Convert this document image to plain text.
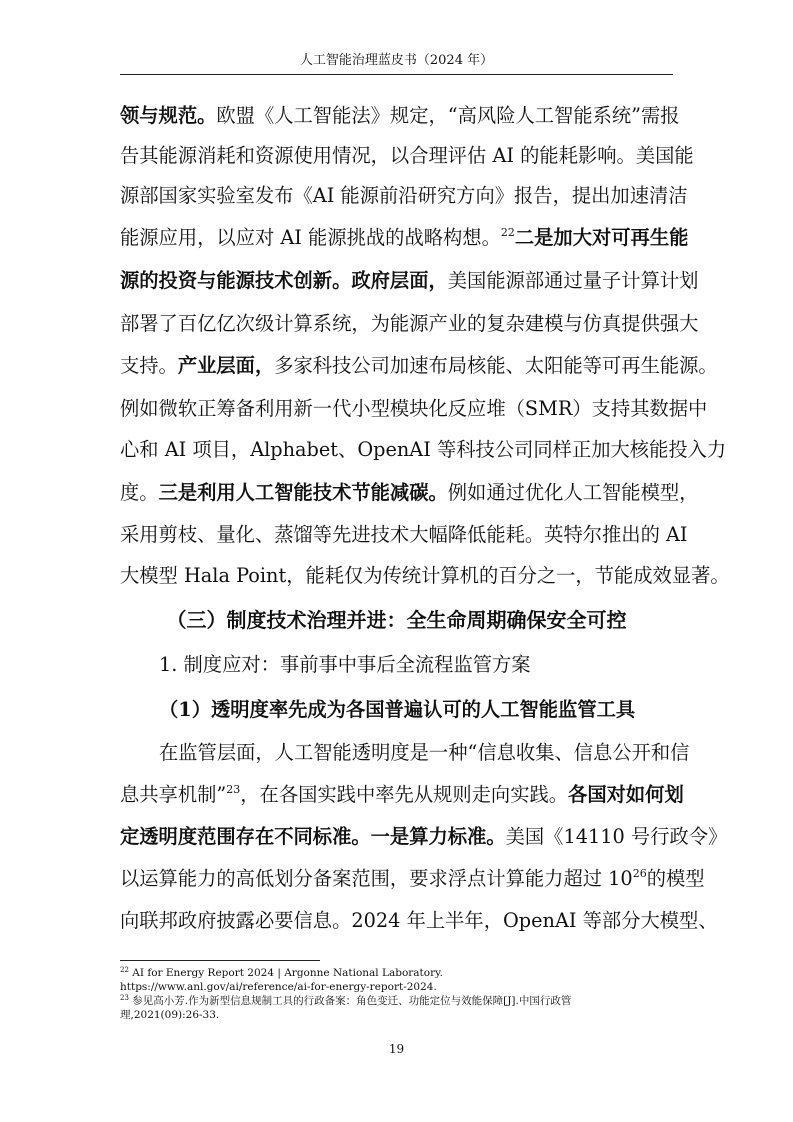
人工智能治理蓝皮书（2024 年）
领与规范。欧盟《人工智能法》规定，“高风险人工智能系统”需报
告其能源消耗和资源使用情况，以合理评估 AI 的能耗影响。美国能
源部国家实验室发布《AI 能源前沿研究方向》报告，提出加速清洁
能源应用，以应对 AI 能源挑战的战略构想。$^{22}$二是加大对可再生能
源的投资与能源技术创新。政府层面，美国能源部通过量子计算计划
部署了百亿亿次级计算系统，为能源产业的复杂建模与仿真提供强大
支持。产业层面，多家科技公司加速布局核能、太阳能等可再生能源。
例如微软正筹备利用新一代小型模块化反应堆（SMR）支持其数据中
心和 AI 项目，Alphabet、OpenAI 等科技公司同样正加大核能投入力
度。三是利用人工智能技术节能减碳。例如通过优化人工智能模型，
采用剪枝、量化、蒸馏等先进技术大幅降低能耗。英特尔推出的 AI
大模型 Hala Point，能耗仅为传统计算机的百分之一，节能成效显著。
（三）制度技术治理并进：全生命周期确保安全可控
1. 制度应对：事前事中事后全流程监管方案
（1）透明度率先成为各国普遍认可的人工智能监管工具
在监管层面，人工智能透明度是一种“信息收集、信息公开和信
息共享机制”$^{23}$，在各国实践中率先从规则走向实践。各国对如何划
定透明度范围存在不同标准。一是算力标准。美国《14110 号行政令》
以运算能力的高低划分备案范围，要求浮点计算能力超过 $10^{26}$的模型
向联邦政府披露必要信息。2024 年上半年，OpenAI 等部分大模型、
$^{22}$ AI for Energy Report 2024 | Argonne National Laboratory.
https://www.anl.gov/ai/reference/ai-for-energy-report-2024.
$^{23}$ 参见高小芳.作为新型信息规制工具的行政备案：角色变迁、功能定位与效能保障[J].中国行政管
理,2021(09):26-33.
19
